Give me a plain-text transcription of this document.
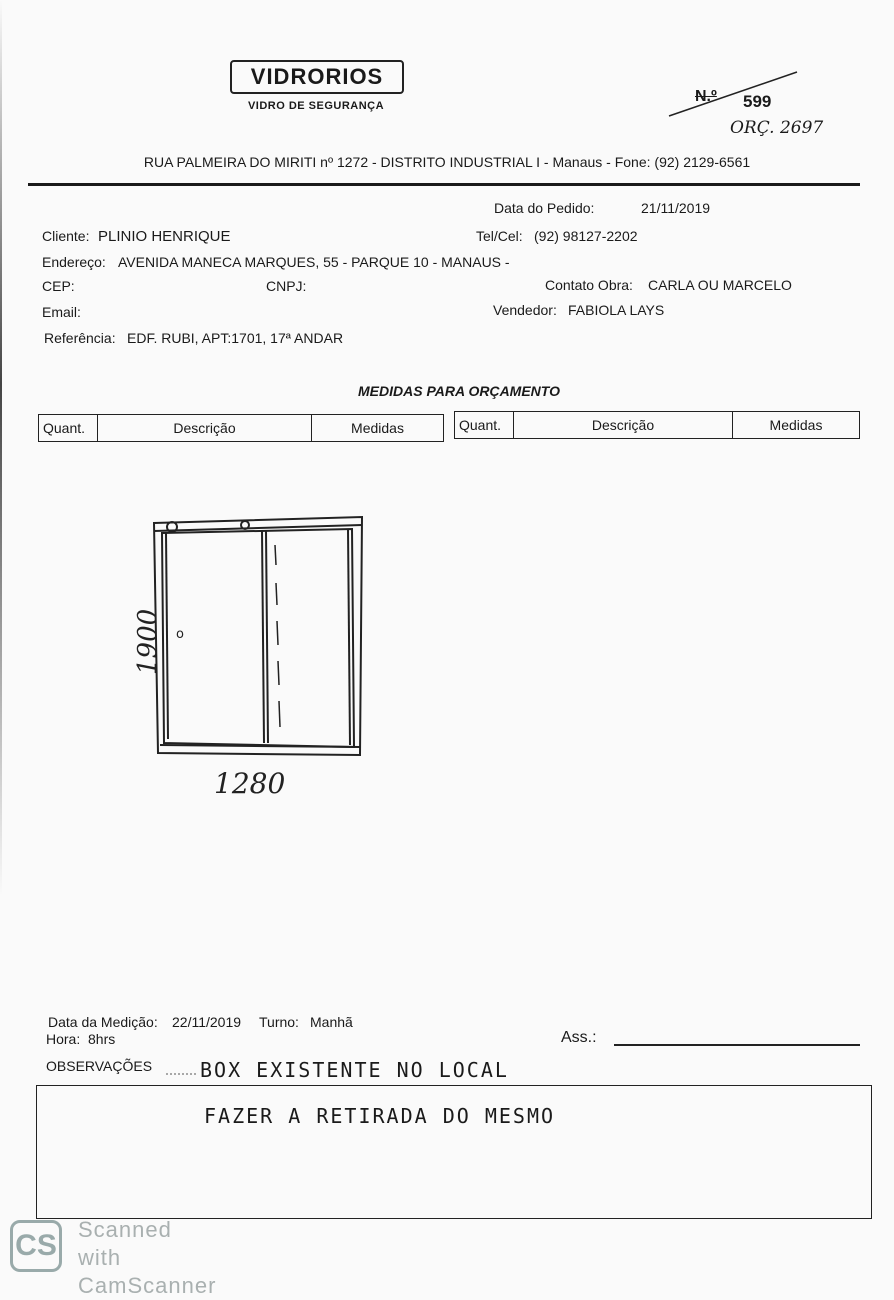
VIDRORIOS
VIDRO DE SEGURANÇA
N.º 599
ORÇ. 2697
RUA PALMEIRA DO MIRITI nº 1272 - DISTRITO INDUSTRIAL I - Manaus - Fone: (92) 2129-6561
Data do Pedido:	21/11/2019
Cliente: PLINIO HENRIQUE	Tel/Cel: (92) 98127-2202
Endereço: AVENIDA MANECA MARQUES, 55 - PARQUE 10 - MANAUS -
CEP:	CNPJ:	Contato Obra: CARLA OU MARCELO
Email:	Vendedor: FABIOLA LAYS
Referência: EDF. RUBI, APT:1701, 17ª ANDAR
MEDIDAS PARA ORÇAMENTO
Quant.	Descrição	Medidas	Quant.	Descrição	Medidas
o
1900
1280
Data da Medição: 22/11/2019 Turno: Manhã
Hora: 8hrs	Ass.:
OBSERVAÇÕES BOX EXISTENTE NO LOCAL
FAZER A RETIRADA DO MESMO
CS Scanned with
CamScanner
